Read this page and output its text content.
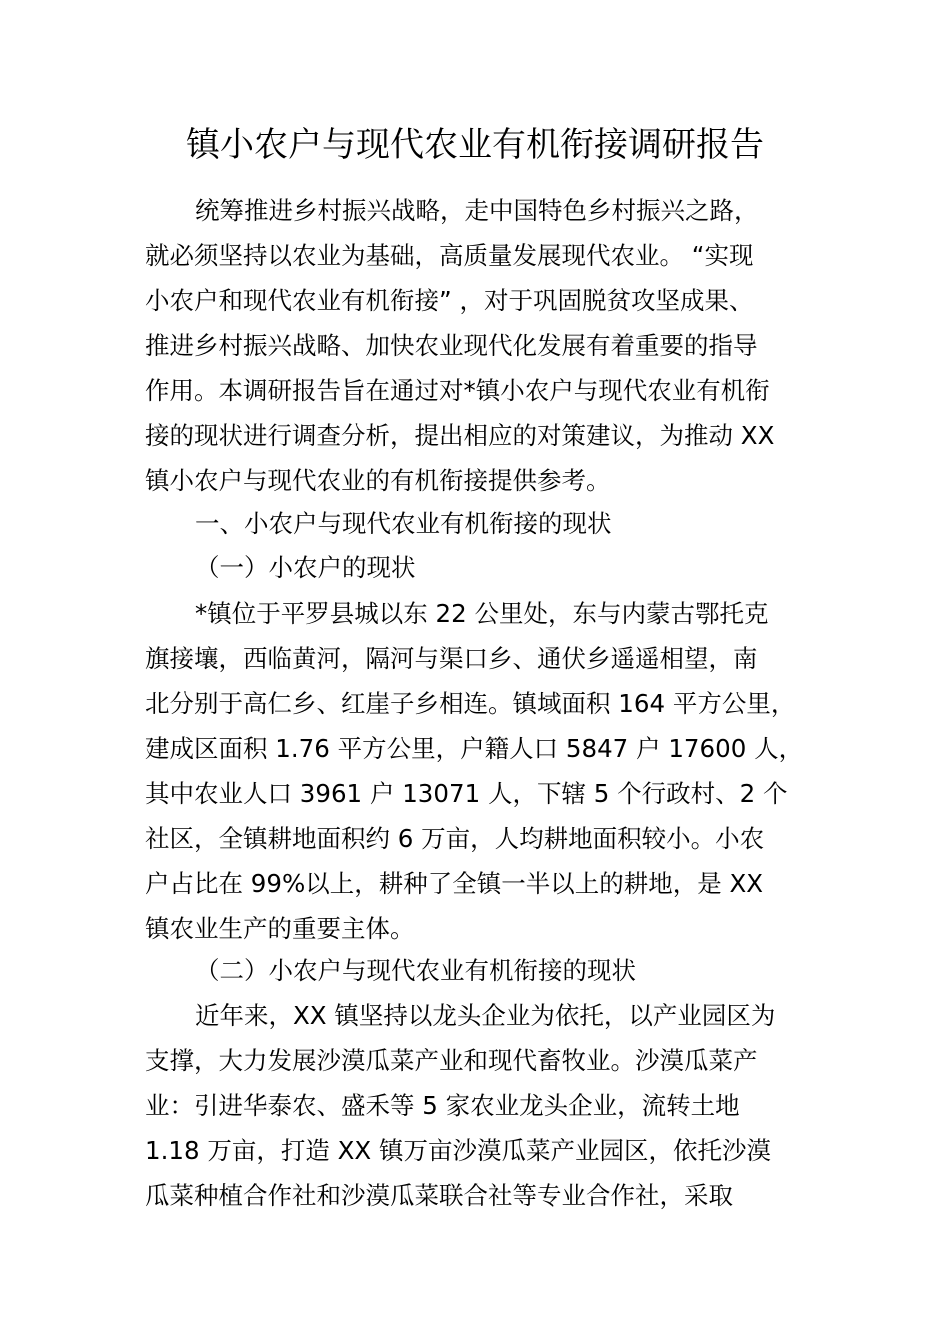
镇小农户与现代农业有机衔接调研报告

统筹推进乡村振兴战略，走中国特色乡村振兴之路，

就必须坚持以农业为基础，高质量发展现代农业。 “实现

小农户和现代农业有机衔接” ，对于巩固脱贫攻坚成果、

推进乡村振兴战略、加快农业现代化发展有着重要的指导

作用。本调研报告旨在通过对*镇小农户与现代农业有机衔

接的现状进行调查分析，提出相应的对策建议，为推动 XX

镇小农户与现代农业的有机衔接提供参考。

一、小农户与现代农业有机衔接的现状

（一）小农户的现状

*镇位于平罗县城以东 22 公里处，东与内蒙古鄂托克

旗接壤，西临黄河，隔河与渠口乡、通伏乡遥遥相望，南

北分别于高仁乡、红崖子乡相连。镇域面积 164 平方公里，

建成区面积 1.76 平方公里，户籍人口 5847 户 17600 人，

其中农业人口 3961 户 13071 人，下辖 5 个行政村、2 个

社区，全镇耕地面积约 6 万亩，人均耕地面积较小。小农

户占比在 99%以上，耕种了全镇一半以上的耕地，是 XX

镇农业生产的重要主体。

（二）小农户与现代农业有机衔接的现状

近年来，XX 镇坚持以龙头企业为依托，以产业园区为

支撑，大力发展沙漠瓜菜产业和现代畜牧业。沙漠瓜菜产

业：引进华泰农、盛禾等 5 家农业龙头企业，流转土地

1.18 万亩，打造 XX 镇万亩沙漠瓜菜产业园区，依托沙漠

瓜菜种植合作社和沙漠瓜菜联合社等专业合作社，采取
